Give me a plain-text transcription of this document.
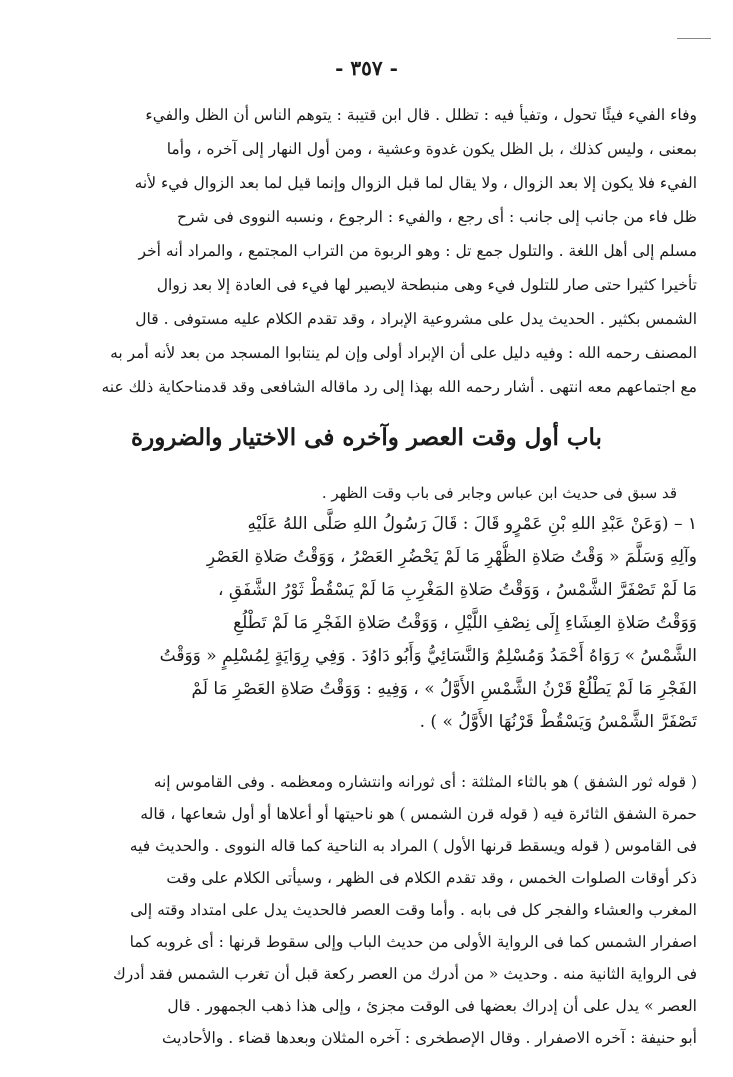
- ٣٥٧ -
وفاء الفيء فيئًا تحول ، وتفيأ فيه : تظلل . قال ابن قتيبة : يتوهم الناس أن الظل والفيء
بمعنى ، وليس كذلك ، بل الظل يكون غدوة وعشية ، ومن أول النهار إلى آخره ، وأما
الفيء فلا يكون إلا بعد الزوال ، ولا يقال لما قبل الزوال وإنما قيل لما بعد الزوال فيء لأنه
ظل فاء من جانب إلى جانب : أى رجع ، والفيء : الرجوع ، ونسبه النووى فى شرح
مسلم إلى أهل اللغة . والتلول جمع تل : وهو الربوة من التراب المجتمع ، والمراد أنه أخر
تأخيرا كثيرا حتى صار للتلول فيء وهى منبطحة لايصير لها فيء فى العادة إلا بعد زوال
الشمس بكثير . الحديث يدل على مشروعية الإبراد ، وقد تقدم الكلام عليه مستوفى . قال
المصنف رحمه الله : وفيه دليل على أن الإبراد أولى وإن لم ينتابوا المسجد من بعد لأنه أمر به
مع اجتماعهم معه انتهى . أشار رحمه الله بهذا إلى رد ماقاله الشافعى وقد قدمناحكاية ذلك عنه
باب أول وقت العصر وآخره فى الاختيار والضرورة
قد سبق فى حديث ابن عباس وجابر فى باب وقت الظهر .
١ – (وَعَنْ عَبْدِ اللهِ بْنِ عَمْرٍو قَالَ : قَالَ رَسُولُ اللهِ صَلَّى اللهُ عَلَيْهِ
وآلِهِ وَسَلَّمَ « وَقْتُ صَلاةِ الظُّهْرِ مَا لَمْ يَحْضُرِ العَصْرُ ، وَوَقْتُ صَلاةِ العَصْرِ
مَا لَمْ تَصْفَرَّ الشَّمْسُ ، وَوَقْتُ صَلاةِ المَغْرِبِ مَا لَمْ يَسْقُطْ ثَوْرُ الشَّفَقِ ،
وَوَقْتُ صَلاةِ العِشَاءِ إِلَى نِصْفِ اللَّيْلِ ، وَوَقْتُ صَلاةِ الفَجْرِ مَا لَمْ تَطْلُعِ
الشَّمْسُ » رَوَاهُ أَحْمَدُ وَمُسْلِمٌ وَالنَّسَائِيُّ وَأَبُو دَاوُدَ . وَفِي رِوَايَةٍ لِمُسْلِمٍ « وَوَقْتُ
الفَجْرِ مَا لَمْ يَطْلُعْ قَرْنُ الشَّمْسِ الأَوَّلُ » ، وَفِيهِ : وَوَقْتُ صَلاةِ العَصْرِ مَا لَمْ
تَصْفَرَّ الشَّمْسُ وَيَسْقُطْ قَرْنُهَا الأَوَّلُ » ) .
( قوله ثور الشفق ) هو بالثاء المثلثة : أى ثورانه وانتشاره ومعظمه . وفى القاموس إنه
حمرة الشفق الثائرة فيه ( قوله قرن الشمس ) هو ناحيتها أو أعلاها أو أول شعاعها ، قاله
فى القاموس ( قوله ويسقط قرنها الأول ) المراد به الناحية كما قاله النووى . والحديث فيه
ذكر أوقات الصلوات الخمس ، وقد تقدم الكلام فى الظهر ، وسيأتى الكلام على وقت
المغرب والعشاء والفجر كل فى بابه . وأما وقت العصر فالحديث يدل على امتداد وقته إلى
اصفرار الشمس كما فى الرواية الأولى من حديث الباب وإلى سقوط قرنها : أى غروبه كما
فى الرواية الثانية منه . وحديث « من أدرك من العصر ركعة قبل أن تغرب الشمس فقد أدرك
العصر » يدل على أن إدراك بعضها فى الوقت مجزئ ، وإلى هذا ذهب الجمهور . قال
أبو حنيفة : آخره الاصفرار . وقال الإصطخرى : آخره المثلان وبعدها قضاء . والأحاديث
